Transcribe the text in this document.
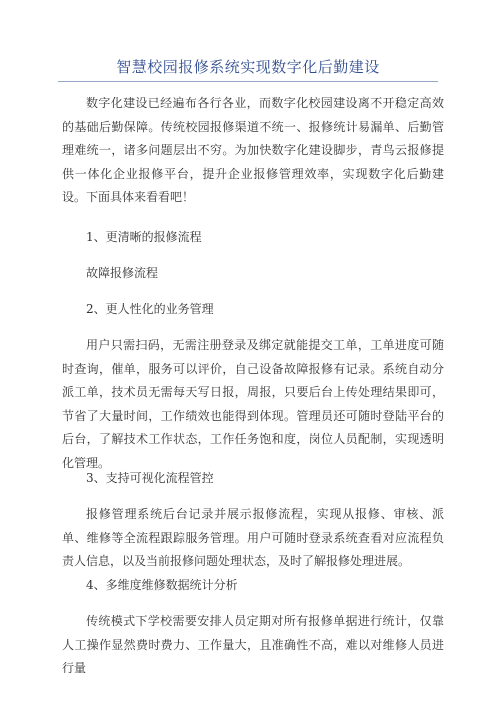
智慧校园报修系统实现数字化后勤建设

数字化建设已经遍布各行各业，而数字化校园建设离不开稳定高效的基础后勤保障。传统校园报修渠道不统一、报修统计易漏单、后勤管理难统一，诸多问题层出不穷。为加快数字化建设脚步，青鸟云报修提供一体化企业报修平台，提升企业报修管理效率，实现数字化后勤建设。下面具体来看看吧！

1、更清晰的报修流程

故障报修流程

2、更人性化的业务管理

用户只需扫码，无需注册登录及绑定就能提交工单，工单进度可随时查询，催单，服务可以评价，自己设备故障报修有记录。系统自动分派工单，技术员无需每天写日报，周报，只要后台上传处理结果即可，节省了大量时间，工作绩效也能得到体现。管理员还可随时登陆平台的后台，了解技术工作状态，工作任务饱和度，岗位人员配制，实现透明化管理。

3、支持可视化流程管控

报修管理系统后台记录并展示报修流程，实现从报修、审核、派单、维修等全流程跟踪服务管理。用户可随时登录系统查看对应流程负责人信息，以及当前报修问题处理状态，及时了解报修处理进展。

4、多维度维修数据统计分析

传统模式下学校需要安排人员定期对所有报修单据进行统计，仅靠人工操作显然费时费力、工作量大，且准确性不高，难以对维修人员进行量
